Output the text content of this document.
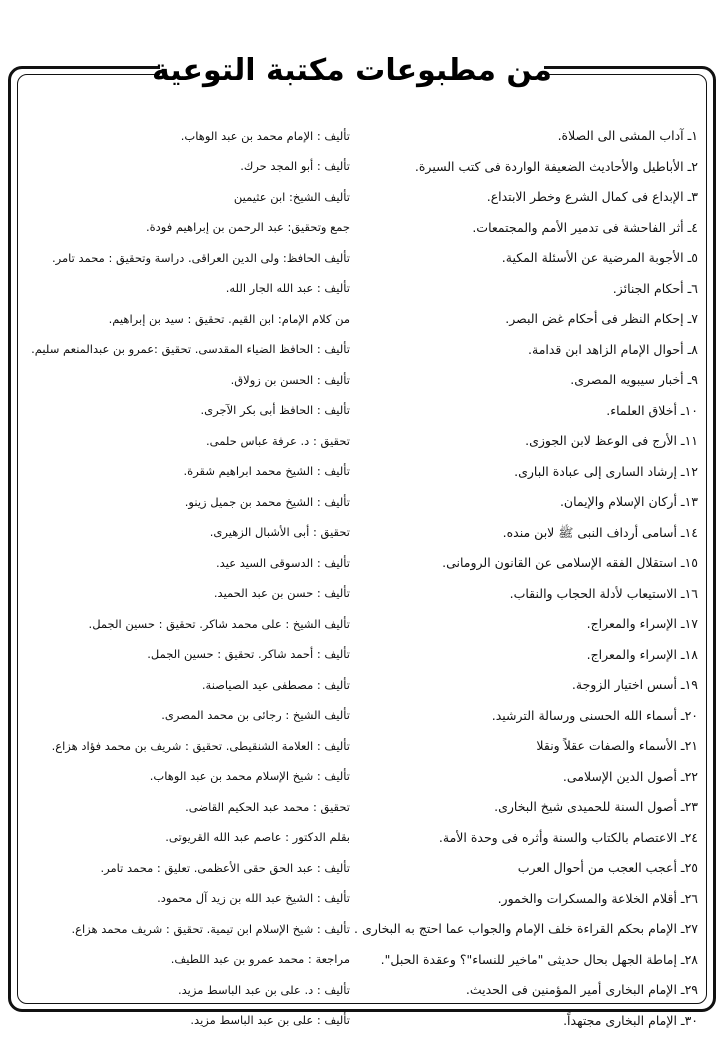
من مطبوعات مكتبة التوعية
١ـ آداب المشى الى الصلاة.
تأليف : الإمام محمد بن عبد الوهاب.
٢ـ الأباطيل والأحاديث الضعيفة الواردة فى كتب السيرة.
تأليف : أبو المجد حرك.
٣ـ الإبداع فى كمال الشرع وخطر الابتداع.
تأليف الشيخ: ابن عثيمين
٤ـ أثر الفاحشة فى تدمير الأمم والمجتمعات.
جمع وتحقيق: عبد الرحمن بن إبراهيم فودة.
٥ـ الأجوبة المرضية عن الأسئلة المكية.
تأليف الحافظ: ولى الدين العراقى. دراسة وتحقيق : محمد تامر.
٦ـ أحكام الجنائز.
تأليف : عبد الله الجار الله.
٧ـ إحكام النظر فى أحكام غض البصر.
من كلام الإمام: ابن القيم. تحقيق : سيد بن إبراهيم.
٨ـ أحوال الإمام الزاهد ابن قدامة.
تأليف : الحافظ الضياء المقدسى. تحقيق :عمرو بن عبدالمنعم سليم.
٩ـ أخبار سيبويه المصرى.
تأليف : الحسن بن زولاق.
١٠ـ أخلاق العلماء.
تأليف : الحافظ أبى بكر الآجرى.
١١ـ الأرج فى الوعظ لابن الجوزى.
تحقيق : د. عرفة عباس حلمى.
١٢ـ إرشاد السارى إلى عبادة البارى.
تأليف : الشيخ محمد ابراهيم شقرة.
١٣ـ أركان الإسلام والإيمان.
تأليف : الشيخ محمد بن جميل زينو.
١٤ـ أسامى أرداف النبى ﷺ لابن منده.
تحقيق : أبى الأشبال الزهيرى.
١٥ـ استقلال الفقه الإسلامى عن القانون الرومانى.
تأليف : الدسوقى السيد عيد.
١٦ـ الاستيعاب لأدلة الحجاب والنقاب.
تأليف : حسن بن عبد الحميد.
١٧ـ الإسراء والمعراج.
تأليف الشيخ : على محمد شاكر. تحقيق : حسين الجمل.
١٨ـ الإسراء والمعراج.
تأليف : أحمد شاكر. تحقيق : حسين الجمل.
١٩ـ أسس اختيار الزوجة.
تأليف : مصطفى عيد الصياصنة.
٢٠ـ أسماء الله الحسنى ورسالة الترشيد.
تأليف الشيخ : رجائى بن محمد المصرى.
٢١ـ الأسماء والصفات عقلاً ونقلا
تأليف : العلامة الشنقيطى. تحقيق : شريف بن محمد فؤاد هزاع.
٢٢ـ أصول الدين الإسلامى.
تأليف : شيخ الإسلام محمد بن عبد الوهاب.
٢٣ـ أصول السنة للحميدى شيخ البخارى.
تحقيق : محمد عبد الحكيم القاضى.
٢٤ـ الاعتصام بالكتاب والسنة وأثره فى وحدة الأمة.
بقلم الدكتور : عاصم عبد الله القريوتى.
٢٥ـ أعجب العجب من أحوال العرب
تأليف : عبد الحق حقى الأعظمى. تعليق : محمد تامر.
٢٦ـ أقلام الخلاعة والمسكرات والخمور.
تأليف : الشيخ عبد الله بن زيد آل محمود.
٢٧ـ الإمام بحكم القراءة خلف الإمام والجواب عما احتج به البخارى .
تأليف : شيخ الإسلام ابن تيمية. تحقيق : شريف محمد هزاع.
٢٨ـ إماطة الجهل بحال حديثى "ماخير للنساء"؟ وعقدة الحبل".
مراجعة : محمد عمرو بن عبد اللطيف.
٢٩ـ الإمام البخارى أمير المؤمنين فى الحديث.
تأليف : د. على بن عبد الباسط مزيد.
٣٠ـ الإمام البخارى مجتهداً.
تأليف : على بن عبد الباسط مزيد.
